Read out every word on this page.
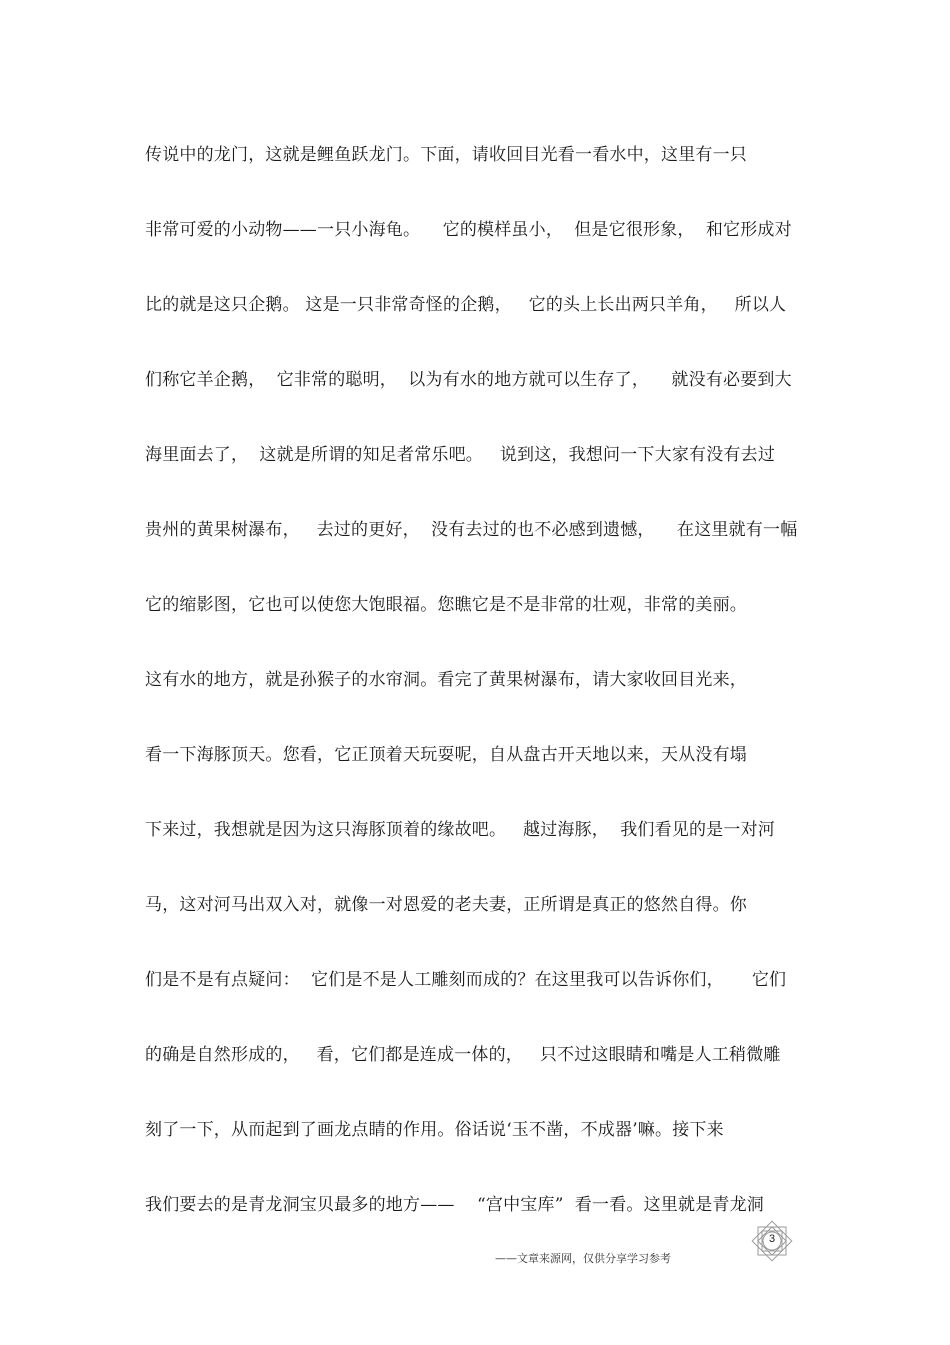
传说中的龙门，这就是鲤鱼跃龙门。下面，请收回目光看一看水中，这里有一只
非常可爱的小动物——一只小海龟。    它的模样虽小，  但是它很形象，  和它形成对
比的就是这只企鹅。 这是一只非常奇怪的企鹅，   它的头上长出两只羊角，   所以人
们称它羊企鹅，  它非常的聪明，  以为有水的地方就可以生存了，    就没有必要到大
海里面去了，  这就是所谓的知足者常乐吧。   说到这，我想问一下大家有没有去过
贵州的黄果树瀑布，   去过的更好，  没有去过的也不必感到遗憾，    在这里就有一幅
它的缩影图，它也可以使您大饱眼福。您瞧它是不是非常的壮观，非常的美丽。
这有水的地方，就是孙猴子的水帘洞。看完了黄果树瀑布，请大家收回目光来，
看一下海豚顶天。您看，它正顶着天玩耍呢，自从盘古开天地以来，天从没有塌
下来过，我想就是因为这只海豚顶着的缘故吧。   越过海豚，  我们看见的是一对河
马，这对河马出双入对，就像一对恩爱的老夫妻，正所谓是真正的悠然自得。你
们是不是有点疑问：  它们是不是人工雕刻而成的？在这里我可以告诉你们，     它们
的确是自然形成的，   看，它们都是连成一体的，   只不过这眼睛和嘴是人工稍微雕
刻了一下，从而起到了画龙点睛的作用。俗话说‘玉不凿，不成器’嘛。接下来
我们要去的是青龙洞宝贝最多的地方——    “宫中宝库”  看一看。这里就是青龙洞
3
——文章来源网，仅供分享学习参考
